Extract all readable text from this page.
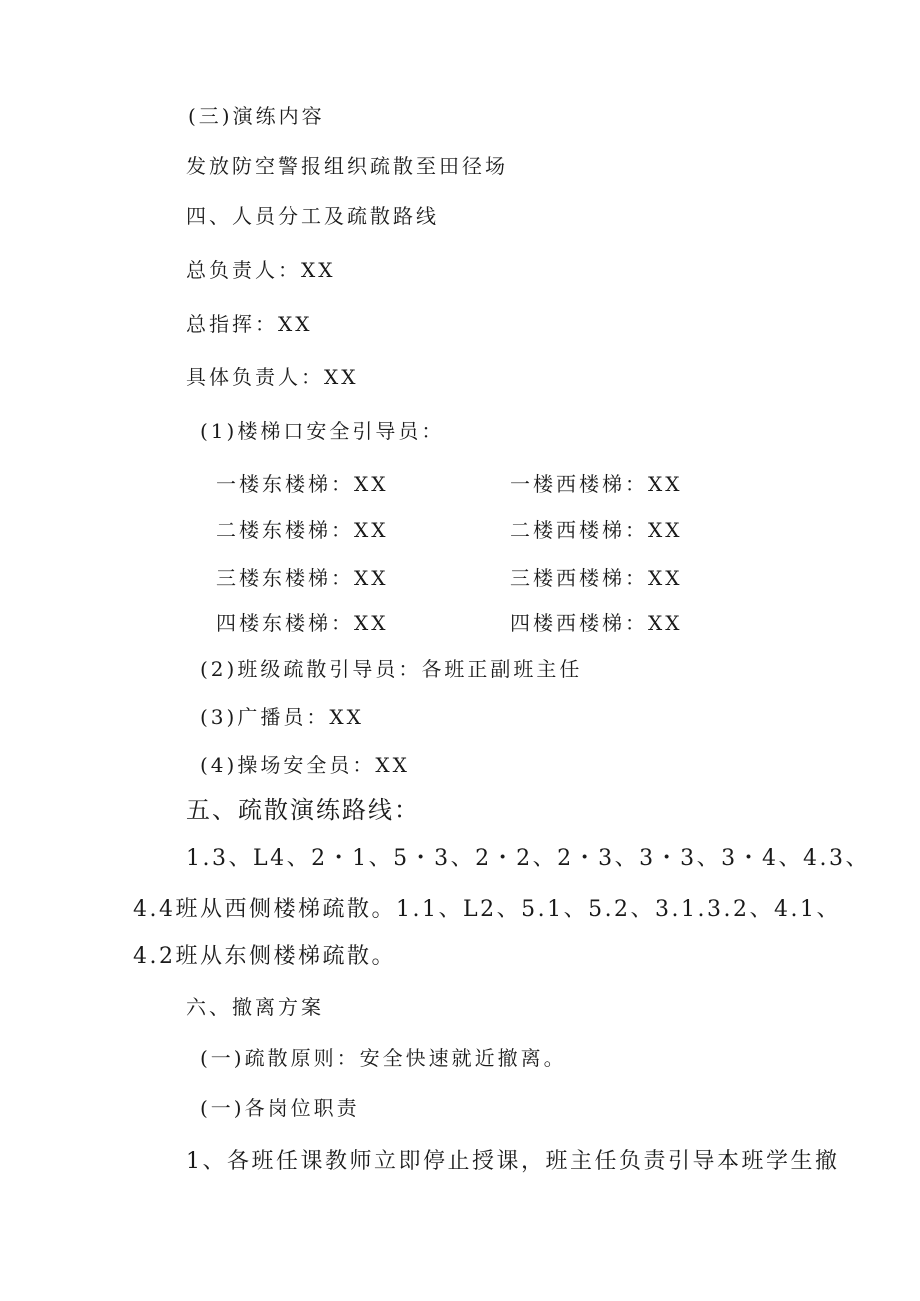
(三)演练内容
发放防空警报组织疏散至田径场
四、人员分工及疏散路线
总负责人：XX
总指挥：XX
具体负责人：XX
(1)楼梯口安全引导员：
一楼东楼梯：XX	一楼西楼梯：XX
二楼东楼梯：XX	二楼西楼梯：XX
三楼东楼梯：XX	三楼西楼梯：XX
四楼东楼梯：XX	四楼西楼梯：XX
(2)班级疏散引导员：各班正副班主任
(3)广播员：XX
(4)操场安全员：XX
五、疏散演练路线：
1.3、L4、2・1、5・3、2・2、2・3、3・3、3・4、4.3、
4.4班从西侧楼梯疏散。1.1、L2、5.1、5.2、3.1.3.2、4.1、
4.2班从东侧楼梯疏散。
六、撤离方案
(一)疏散原则：安全快速就近撤离。
(一)各岗位职责
1、各班任课教师立即停止授课，班主任负责引导本班学生撤
